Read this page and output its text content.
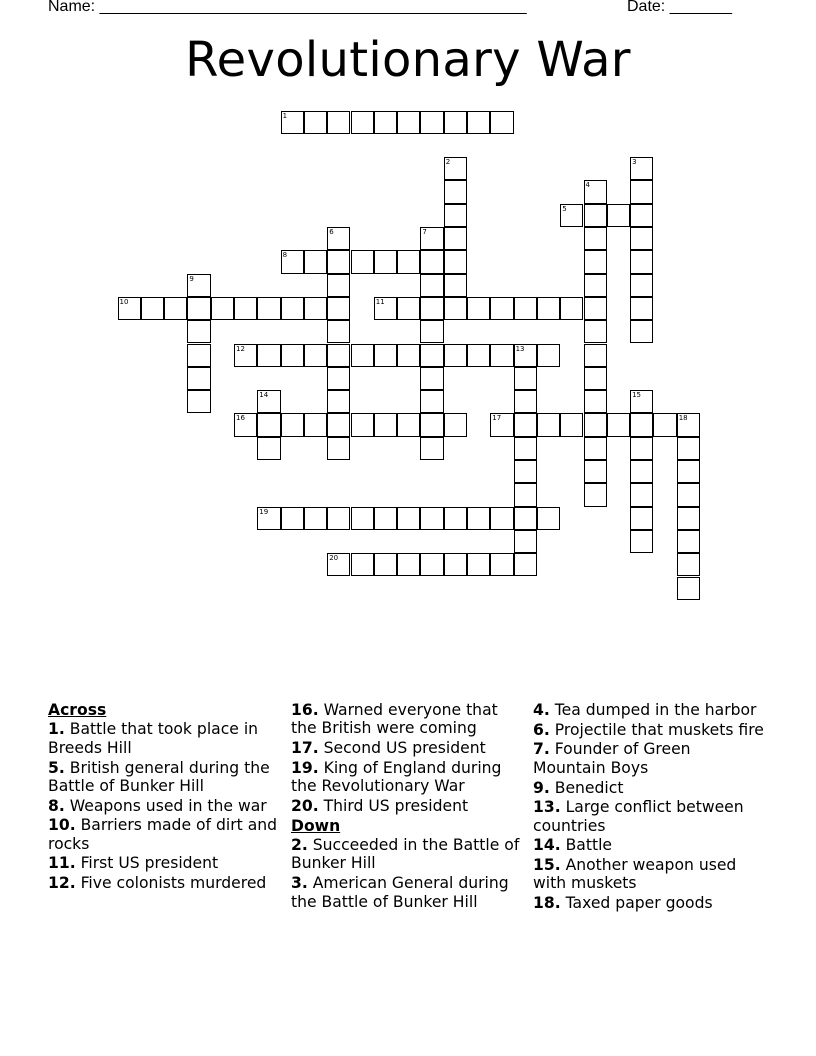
Name: ________________________________________________	Date: _______
Revolutionary War
1
2	3
4
5
6	7
8
9
10	11
12	13
14	15
16	17	18
19
20
Across
1. Battle that took place in Breeds Hill
5. British general during the Battle of Bunker Hill
8. Weapons used in the war
10. Barriers made of dirt and rocks
11. First US president
12. Five colonists murdered
16. Warned everyone that the British were coming
17. Second US president
19. King of England during the Revolutionary War
20. Third US president
Down
2. Succeeded in the Battle of Bunker Hill
3. American General during the Battle of Bunker Hill
4. Tea dumped in the harbor
6. Projectile that muskets fire
7. Founder of Green Mountain Boys
9. Benedict
13. Large conflict between countries
14. Battle
15. Another weapon used with muskets
18. Taxed paper goods
